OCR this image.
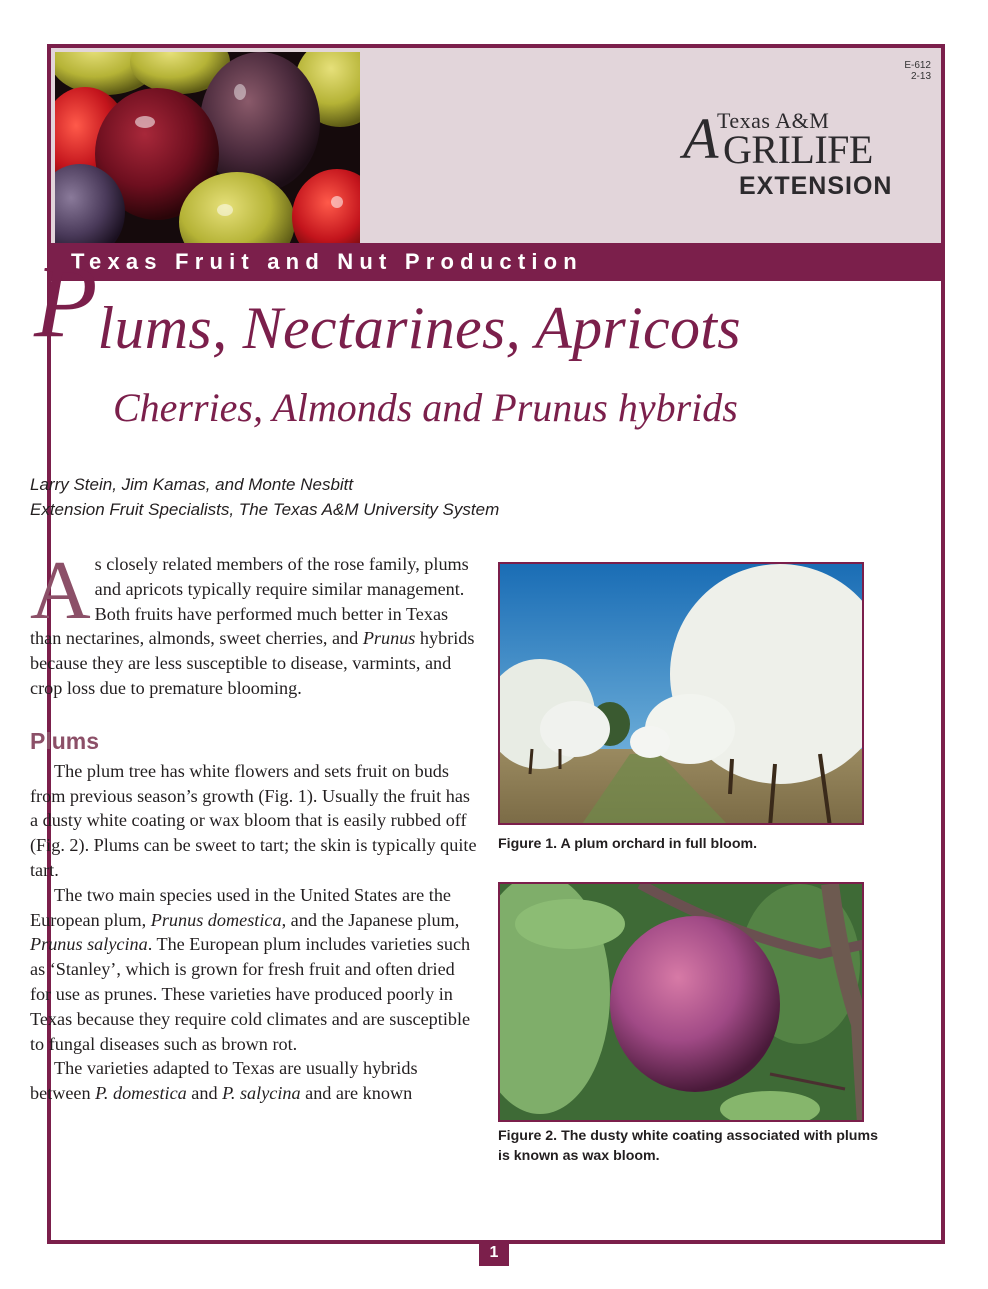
E-612
2-13
A
Texas A&M
GRILIFE
EXTENSION
Texas Fruit and Nut Production
Plums, Nectarines, Apricots
Cherries, Almonds and Prunus hybrids
Larry Stein, Jim Kamas, and Monte Nesbitt
Extension Fruit Specialists, The Texas A&M University System

As closely related members of the rose family, plums and apricots typically require similar management. Both fruits have performed much better in Texas than nectarines, almonds, sweet cherries, and Prunus hybrids because they are less susceptible to disease, varmints, and crop loss due to premature blooming.

Plums

The plum tree has white flowers and sets fruit on buds from previous season’s growth (Fig. 1). Usually the fruit has a dusty white coating or wax bloom that is easily rubbed off (Fig. 2). Plums can be sweet to tart; the skin is typically quite tart.

The two main species used in the United States are the European plum, Prunus domestica, and the Japanese plum, Prunus salycina. The European plum includes varieties such as ‘Stanley’, which is grown for fresh fruit and often dried for use as prunes. These varieties have produced poorly in Texas because they require cold climates and are susceptible to fungal diseases such as brown rot.

The varieties adapted to Texas are usually hybrids between P. domestica and P. salycina and are known

Figure 1. A plum orchard in full bloom.
Figure 2. The dusty white coating associated with plums is known as wax bloom.
1
